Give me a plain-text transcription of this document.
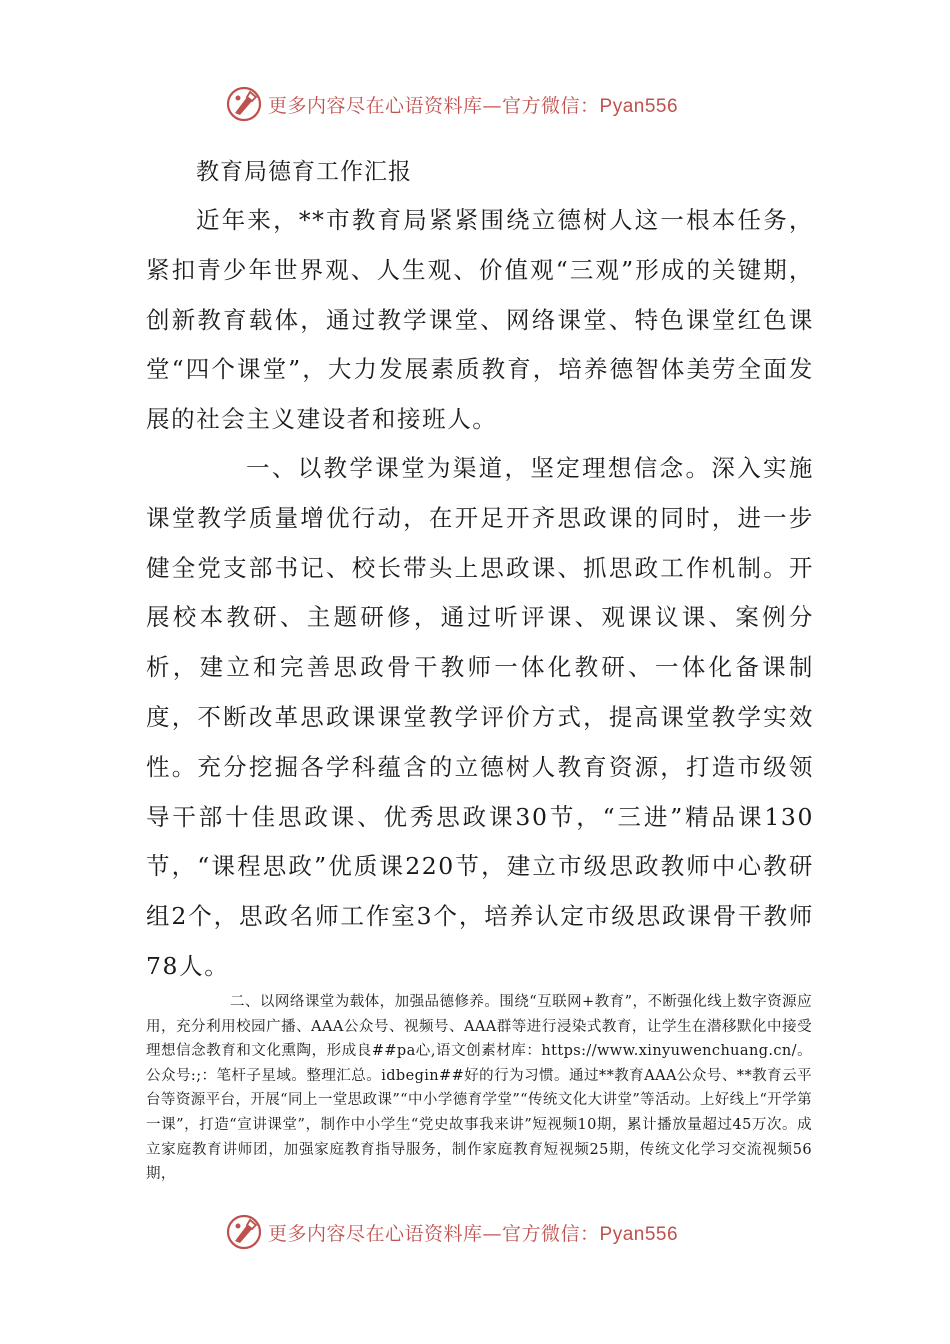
更多内容尽在心语资料库—官方微信：Pyan556
教育局德育工作汇报

近年来，**市教育局紧紧围绕立德树人这一根本任务，紧扣青少年世界观、人生观、价值观“三观”形成的关键期，创新教育载体，通过教学课堂、网络课堂、特色课堂红色课堂“四个课堂”，大力发展素质教育，培养德智体美劳全面发展的社会主义建设者和接班人。

一、以教学课堂为渠道，坚定理想信念。深入实施课堂教学质量增优行动，在开足开齐思政课的同时，进一步健全党支部书记、校长带头上思政课、抓思政工作机制。开展校本教研、主题研修，通过听评课、观课议课、案例分析，建立和完善思政骨干教师一体化教研、一体化备课制度，不断改革思政课课堂教学评价方式，提高课堂教学实效性。充分挖掘各学科蕴含的立德树人教育资源，打造市级领导干部十佳思政课、优秀思政课30节，“三进”精品课130节，“课程思政”优质课220节，建立市级思政教师中心教研组2个，思政名师工作室3个，培养认定市级思政课骨干教师78人。

二、以网络课堂为载体，加强品德修养。围绕“互联网+教育”，不断强化线上数字资源应用，充分利用校园广播、AAA公众号、视频号、AAA群等进行浸染式教育，让学生在潜移默化中接受理想信念教育和文化熏陶，形成良##pa心,语文创素材库：https://www.xinyuwenchuang.cn/。公众号:;：笔杆子星域。整理汇总。idbegin##好的行为习惯。通过**教育AAA公众号、**教育云平台等资源平台，开展“同上一堂思政课”“中小学德育学堂”“传统文化大讲堂”等活动。上好线上“开学第一课”，打造“宣讲课堂”，制作中小学生“党史故事我来讲”短视频10期，累计播放量超过45万次。成立家庭教育讲师团，加强家庭教育指导服务，制作家庭教育短视频25期，传统文化学习交流视频56期，

更多内容尽在心语资料库—官方微信：Pyan556
